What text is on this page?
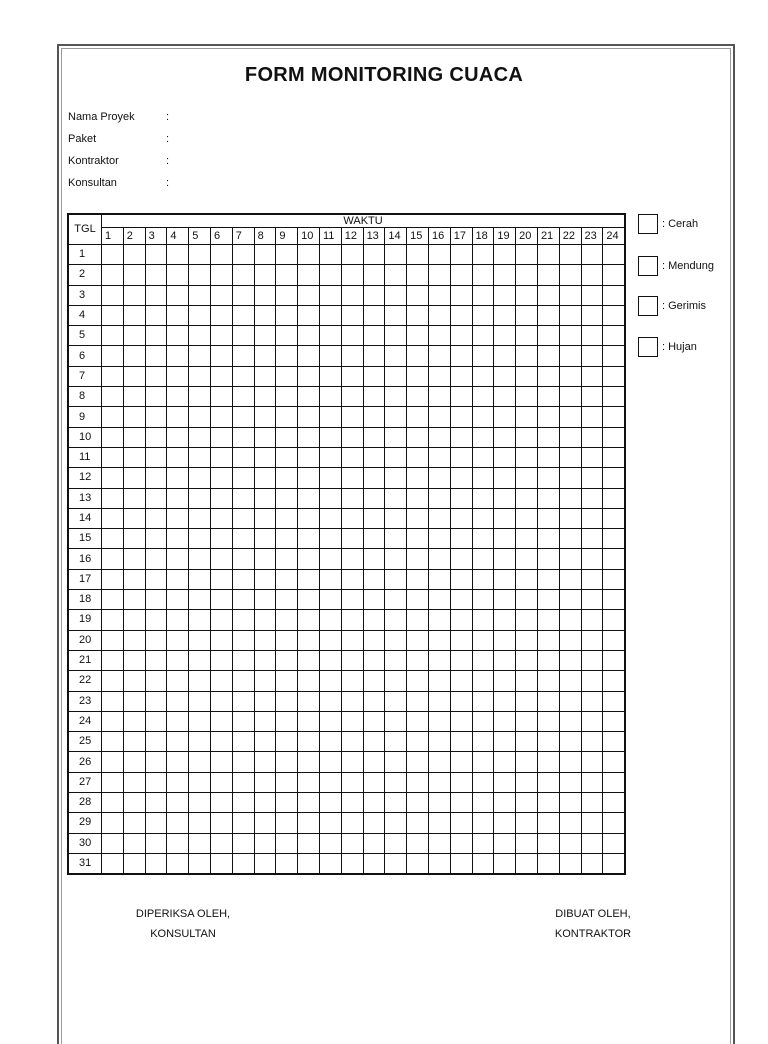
FORM MONITORING CUACA
Nama Proyek	:
Paket	:
Kontraktor	:
Konsultan	:
TGL	WAKTU																							
	1	2	3	4	5	6	7	8	9	10	11	12	13	14	15	16	17	18	19	20	21	22	23	24
1																								
2																								
3																								
4																								
5																								
6																								
7																								
8																								
9																								
10																								
11																								
12																								
13																								
14																								
15																								
16																								
17																								
18																								
19																								
20																								
21																								
22																								
23																								
24																								
25																								
26																								
27																								
28																								
29																								
30																								
31																								
: Cerah
: Mendung
: Gerimis
: Hujan
DIPERIKSA OLEH,
KONSULTAN
DIBUAT OLEH,
KONTRAKTOR
